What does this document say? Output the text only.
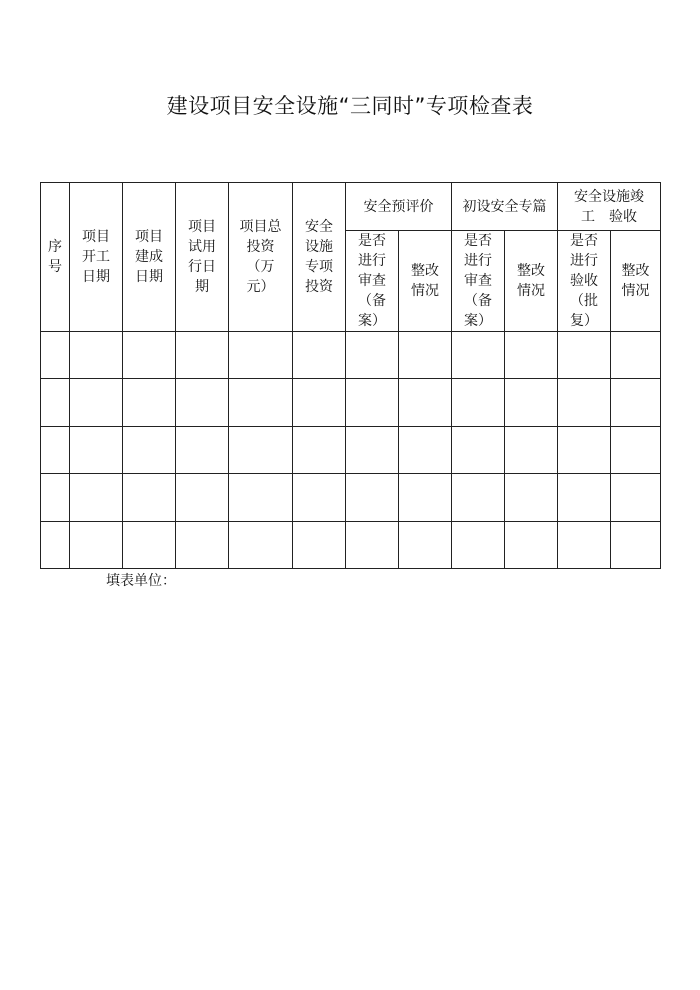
建设项目安全设施“三同时”专项检查表
序号	项目开工日期	项目建成日期	项目试用行日期	项目总投资（万元）	安全设施专项投资	安全预评价		初设安全专篇		安全设施竣工　验收	
						是否进行审查（备案）	整改情况	是否进行审查（备案）	整改情况	是否进行验收（批复）	整改情况

填表单位：
